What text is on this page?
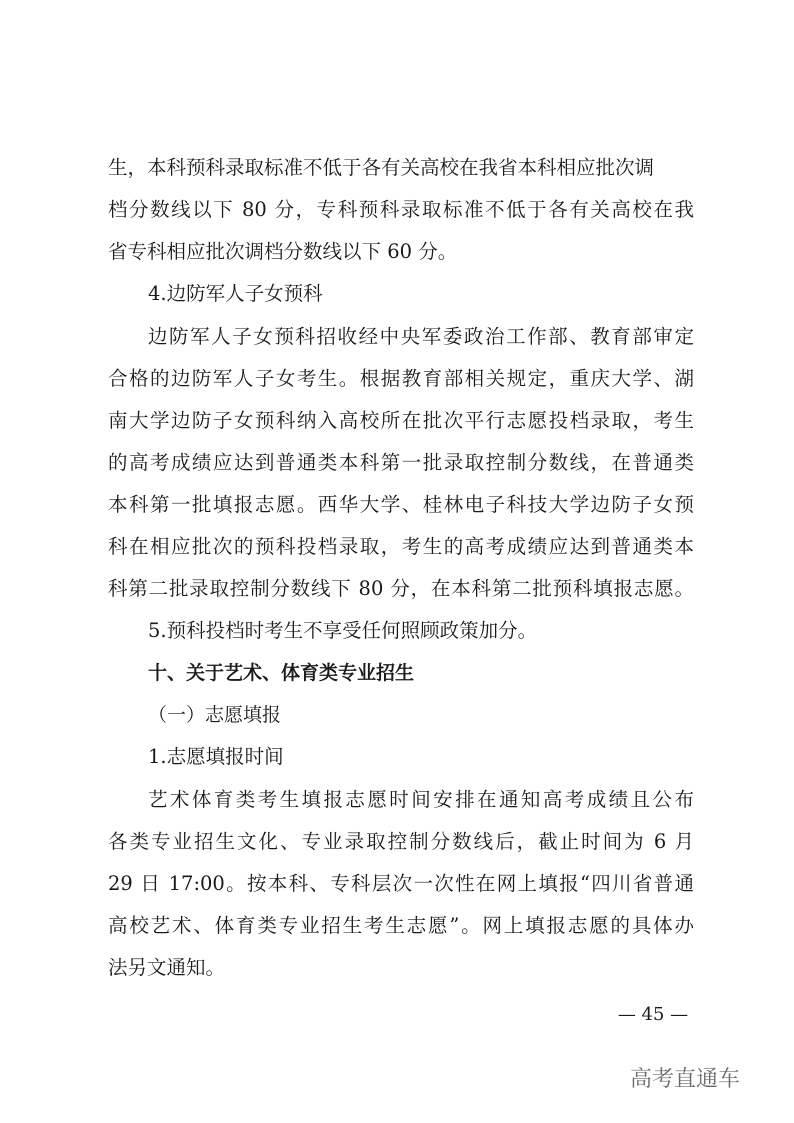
生，本科预科录取标准不低于各有关高校在我省本科相应批次调
档分数线以下 80 分，专科预科录取标准不低于各有关高校在我
省专科相应批次调档分数线以下 60 分。
4.边防军人子女预科
边防军人子女预科招收经中央军委政治工作部、教育部审定
合格的边防军人子女考生。根据教育部相关规定，重庆大学、湖
南大学边防子女预科纳入高校所在批次平行志愿投档录取，考生
的高考成绩应达到普通类本科第一批录取控制分数线，在普通类
本科第一批填报志愿。西华大学、桂林电子科技大学边防子女预
科在相应批次的预科投档录取，考生的高考成绩应达到普通类本
科第二批录取控制分数线下 80 分，在本科第二批预科填报志愿。
5.预科投档时考生不享受任何照顾政策加分。
十、关于艺术、体育类专业招生
（一）志愿填报
1.志愿填报时间
艺术体育类考生填报志愿时间安排在通知高考成绩且公布
各类专业招生文化、专业录取控制分数线后，截止时间为 6 月
29 日 17:00。按本科、专科层次一次性在网上填报“四川省普通
高校艺术、体育类专业招生考生志愿”。网上填报志愿的具体办
法另文通知。
— 45 —
高考直通车
